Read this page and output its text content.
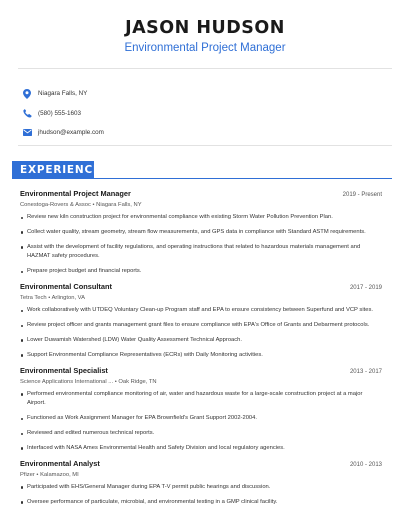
JASON HUDSON
Environmental Project Manager
Niagara Falls, NY
(580) 555-1603
jhudson@example.com
EXPERIENCE
Environmental Project Manager	2019 - Present
Conestoga-Rovers & Assoc • Niagara Falls, NY
Review new kiln construction project for environmental compliance with existing Storm Water Pollution Prevention Plan.
Collect water quality, stream geometry, stream flow measurements, and GPS data in compliance with Standard ASTM requirements.
Assist with the development of facility regulations, and operating instructions that related to hazardous materials management and HAZMAT safety procedures.
Prepare project budget and financial reports.
Environmental Consultant	2017 - 2019
Tetra Tech • Arlington, VA
Work collaboratively with UTDEQ Voluntary Clean-up Program staff and EPA to ensure consistency between Superfund and VCP sites.
Review project officer and grants management grant files to ensure compliance with EPA's Office of Grants and Debarment protocols.
Lower Duwamish Watershed (LDW) Water Quality Assessment Technical Approach.
Support Environmental Compliance Representatives (ECRs) with Daily Monitoring activities.
Environmental Specialist	2013 - 2017
Science Applications International ... • Oak Ridge, TN
Performed environmental compliance monitoring of air, water and hazardous waste for a large-scale construction project at a major Airport.
Functioned as Work Assignment Manager for EPA Brownfield's Grant Support 2002-2004.
Reviewed and edited numerous technical reports.
Interfaced with NASA Ames Environmental Health and Safety Division and local regulatory agencies.
Environmental Analyst	2010 - 2013
Pfizer • Kalamazoo, MI
Participated with EHS/General Manager during EPA T-V permit public hearings and discussion.
Oversee performance of particulate, microbial, and environmental testing in a GMP clinical facility.
